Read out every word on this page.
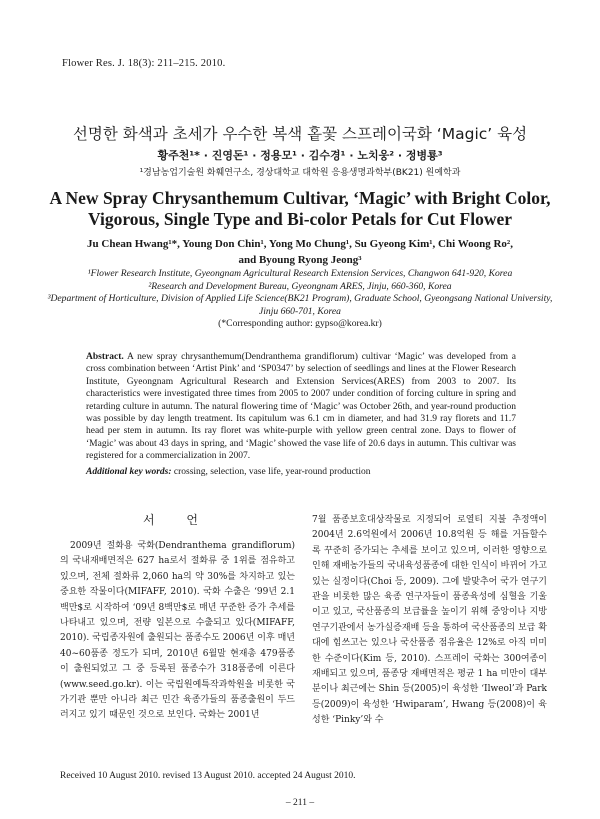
Flower Res. J. 18(3): 211–215. 2010.
선명한 화색과 초세가 우수한 복색 홑꽃 스프레이국화 ‘Magic’ 육성
황주천¹* · 진영돈¹ · 정용모¹ · 김수경¹ · 노치웅² · 정병룡³
¹경남농업기술원 화훼연구소, 경상대학교 대학원 응용생명과학부(BK21) 원예학과
A New Spray Chrysanthemum Cultivar, ‘Magic’ with Bright Color,
Vigorous, Single Type and Bi-color Petals for Cut Flower
Ju Chean Hwang¹*, Young Don Chin¹, Yong Mo Chung¹, Su Gyeong Kim¹, Chi Woong Ro²,
and Byoung Ryong Jeong³
¹Flower Research Institute, Gyeongnam Agricultural Research Extension Services, Changwon 641-920, Korea
²Research and Development Bureau, Gyeongnam ARES, Jinju, 660-360, Korea
³Department of Horticulture, Division of Applied Life Science(BK21 Program), Graduate School, Gyeongsang National University, Jinju 660-701, Korea
(*Corresponding author: gypso@korea.kr)
Abstract. A new spray chrysanthemum(Dendranthema grandiflorum) cultivar ‘Magic’ was developed from a cross combination between ‘Artist Pink’ and ‘SP0347’ by selection of seedlings and lines at the Flower Research Institute, Gyeongnam Agricultural Research and Extension Services(ARES) from 2003 to 2007. Its characteristics were investigated three times from 2005 to 2007 under condition of forcing culture in spring and retarding culture in autumn. The natural flowering time of ‘Magic’ was October 26th, and year-round production was possible by day length treatment. Its capitulum was 6.1 cm in diameter, and had 31.9 ray florets and 11.7 head per stem in autumn. Its ray floret was white-purple with yellow green central zone. Days to flower of ‘Magic’ was about 43 days in spring, and ‘Magic’ showed the vase life of 20.6 days in autumn. This cultivar was registered for a commercialization in 2007.
Additional key words: crossing, selection, vase life, year-round production
서 언

2009년 절화용 국화(Dendranthema grandiflorum)의 국내재배면적은 627 ha로서 절화류 중 1위를 점유하고 있으며, 전체 절화류 2,060 ha의 약 30%를 차지하고 있는 중요한 작물이다(MIFAFF, 2010). 국화 수출은 ‘99년 2.1백만$로 시작하여 ‘09년 8백만$로 매년 꾸준한 증가 추세를 나타내고 있으며, 전량 일본으로 수출되고 있다(MIFAFF, 2010). 국립종자원에 출원되는 품종수도 2006년 이후 매년 40~60품종 정도가 되며, 2010년 6월말 현재총 479품종이 출원되었고 그 중 등록된 품종수가 318품종에 이른다(www.seed.go.kr). 이는 국립원예특작과학원을 비롯한 국가기관 뿐만 아니라 최근 민간 육종가들의 품종출원이 두드러지고 있기 때문인 것으로 보인다. 국화는 2001년

7월 품종보호대상작물로 지정되어 로열티 지불 추정액이 2004년 2.6억원에서 2006년 10.8억원 등 해를 거듭할수록 꾸준히 증가되는 추세를 보이고 있으며, 이러한 영향으로 인해 재배농가들의 국내육성품종에 대한 인식이 바뀌어 가고 있는 실정이다(Choi 등, 2009). 그에 발맞추어 국가 연구기관을 비롯한 많은 육종 연구자들이 품종육성에 심혈을 기울이고 있고, 국산품종의 보급률을 높이기 위해 중앙이나 지방 연구기관에서 농가실증재배 등을 통하여 국산품종의 보급 확대에 힘쓰고는 있으나 국산품종 점유율은 12%로 아직 미미한 수준이다(Kim 등, 2010). 스프레이 국화는 300여종이 재배되고 있으며, 품종당 재배면적은 평균 1 ha 미만이 대부분이나 최근에는 Shin 등(2005)이 육성한 ‘Ilweol’과 Park 등(2009)이 육성한 ‘Hwiparam’, Hwang 등(2008)이 육성한 ‘Pinky’와 수

Received 10 August 2010. revised 13 August 2010. accepted 24 August 2010.
– 211 –
